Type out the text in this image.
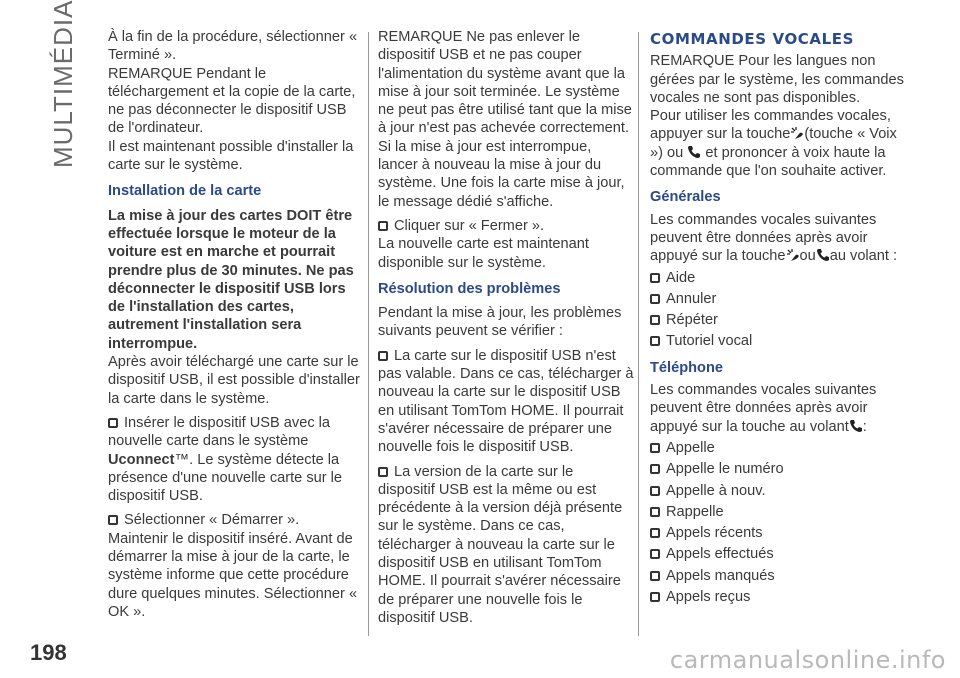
MULTIMÉDIA
198	carmanualsonline.info

À la fin de la procédure, sélectionner « Terminé ».

REMARQUE Pendant le téléchargement et la copie de la carte, ne pas déconnecter le dispositif USB de l'ordinateur.

Il est maintenant possible d'installer la carte sur le système.

Installation de la carte

La mise à jour des cartes DOIT être effectuée lorsque le moteur de la voiture est en marche et pourrait prendre plus de 30 minutes. Ne pas déconnecter le dispositif USB lors de l'installation des cartes, autrement l'installation sera interrompue.

Après avoir téléchargé une carte sur le dispositif USB, il est possible d'installer la carte dans le système.

Insérer le dispositif USB avec la nouvelle carte dans le système Uconnect™. Le système détecte la présence d'une nouvelle carte sur le dispositif USB.

Sélectionner « Démarrer ».

Maintenir le dispositif inséré. Avant de démarrer la mise à jour de la carte, le système informe que cette procédure dure quelques minutes. Sélectionner « OK ».

REMARQUE Ne pas enlever le dispositif USB et ne pas couper l'alimentation du système avant que la mise à jour soit terminée. Le système ne peut pas être utilisé tant que la mise à jour n'est pas achevée correctement. Si la mise à jour est interrompue, lancer à nouveau la mise à jour du système. Une fois la carte mise à jour, le message dédié s'affiche.

Cliquer sur « Fermer ».

La nouvelle carte est maintenant disponible sur le système.

Résolution des problèmes

Pendant la mise à jour, les problèmes suivants peuvent se vérifier :

La carte sur le dispositif USB n'est pas valable. Dans ce cas, télécharger à nouveau la carte sur le dispositif USB en utilisant TomTom HOME. Il pourrait s'avérer nécessaire de préparer une nouvelle fois le dispositif USB.

La version de la carte sur le dispositif USB est la même ou est précédente à la version déjà présente sur le système. Dans ce cas, télécharger à nouveau la carte sur le dispositif USB en utilisant TomTom HOME. Il pourrait s'avérer nécessaire de préparer une nouvelle fois le dispositif USB.

COMMANDES VOCALES

REMARQUE Pour les langues non gérées par le système, les commandes vocales ne sont pas disponibles.

Pour utiliser les commandes vocales, appuyer sur la touche (touche « Voix ») ou et prononcer à voix haute la commande que l'on souhaite activer.

Générales

Les commandes vocales suivantes peuvent être données après avoir appuyé sur la touche ou au volant :

Aide

Annuler

Répéter

Tutoriel vocal

Téléphone

Les commandes vocales suivantes peuvent être données après avoir appuyé sur la touche au volant :

Appelle

Appelle le numéro

Appelle à nouv.

Rappelle

Appels récents

Appels effectués

Appels manqués

Appels reçus
